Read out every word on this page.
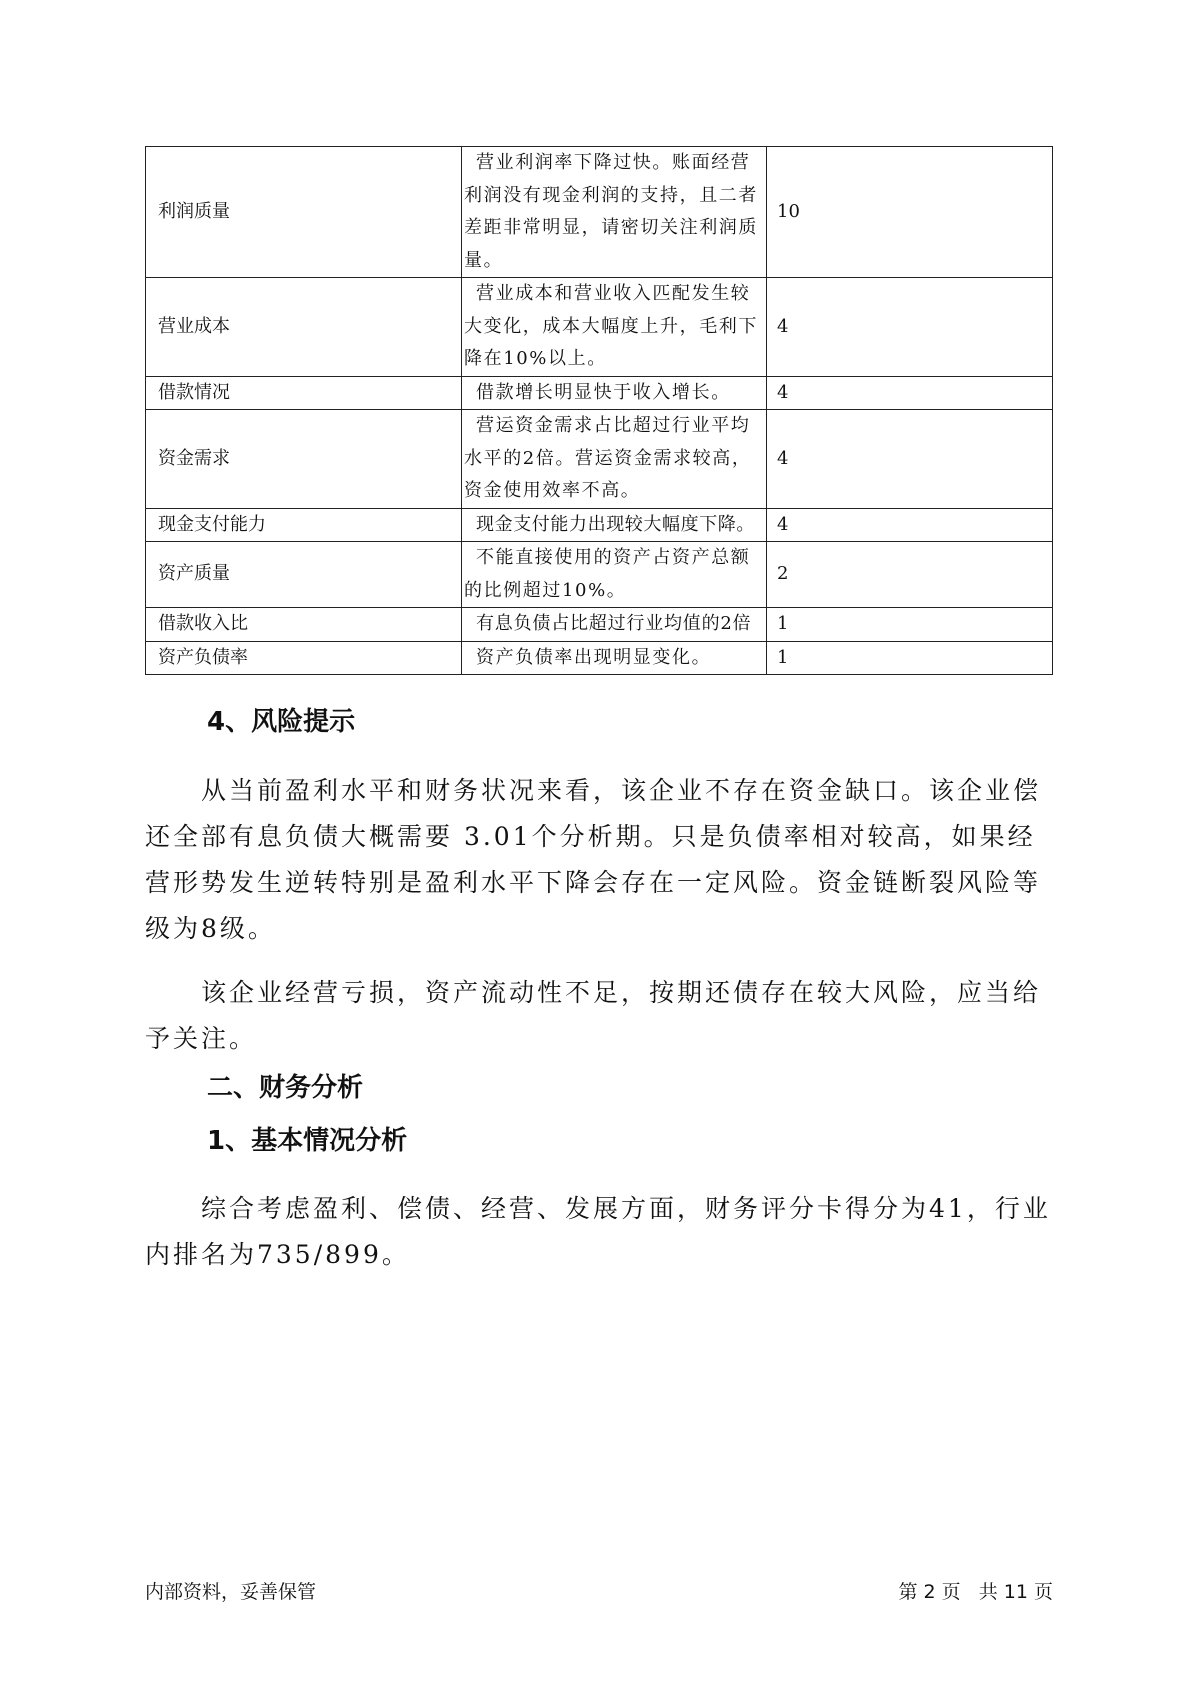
利润质量	营业利润率下降过快。账面经营利润没有现金利润的支持，且二者差距非常明显，请密切关注利润质量。	10
营业成本	营业成本和营业收入匹配发生较大变化，成本大幅度上升，毛利下降在10%以上。	4
借款情况	借款增长明显快于收入增长。	4
资金需求	营运资金需求占比超过行业平均水平的2倍。营运资金需求较高，资金使用效率不高。	4
现金支付能力	现金支付能力出现较大幅度下降。	4
资产质量	不能直接使用的资产占资产总额的比例超过10%。	2
借款收入比	有息负债占比超过行业均值的2倍	1
资产负债率	资产负债率出现明显变化。	1
4、风险提示

从当前盈利水平和财务状况来看，该企业不存在资金缺口。该企业偿还全部有息负债大概需要 3.01个分析期。只是负债率相对较高，如果经营形势发生逆转特别是盈利水平下降会存在一定风险。资金链断裂风险等级为8级。

该企业经营亏损，资产流动性不足，按期还债存在较大风险，应当给予关注。

二、财务分析
1、基本情况分析

综合考虑盈利、偿债、经营、发展方面，财务评分卡得分为41，行业内排名为735/899。

内部资料，妥善保管	第 2 页   共 11 页
